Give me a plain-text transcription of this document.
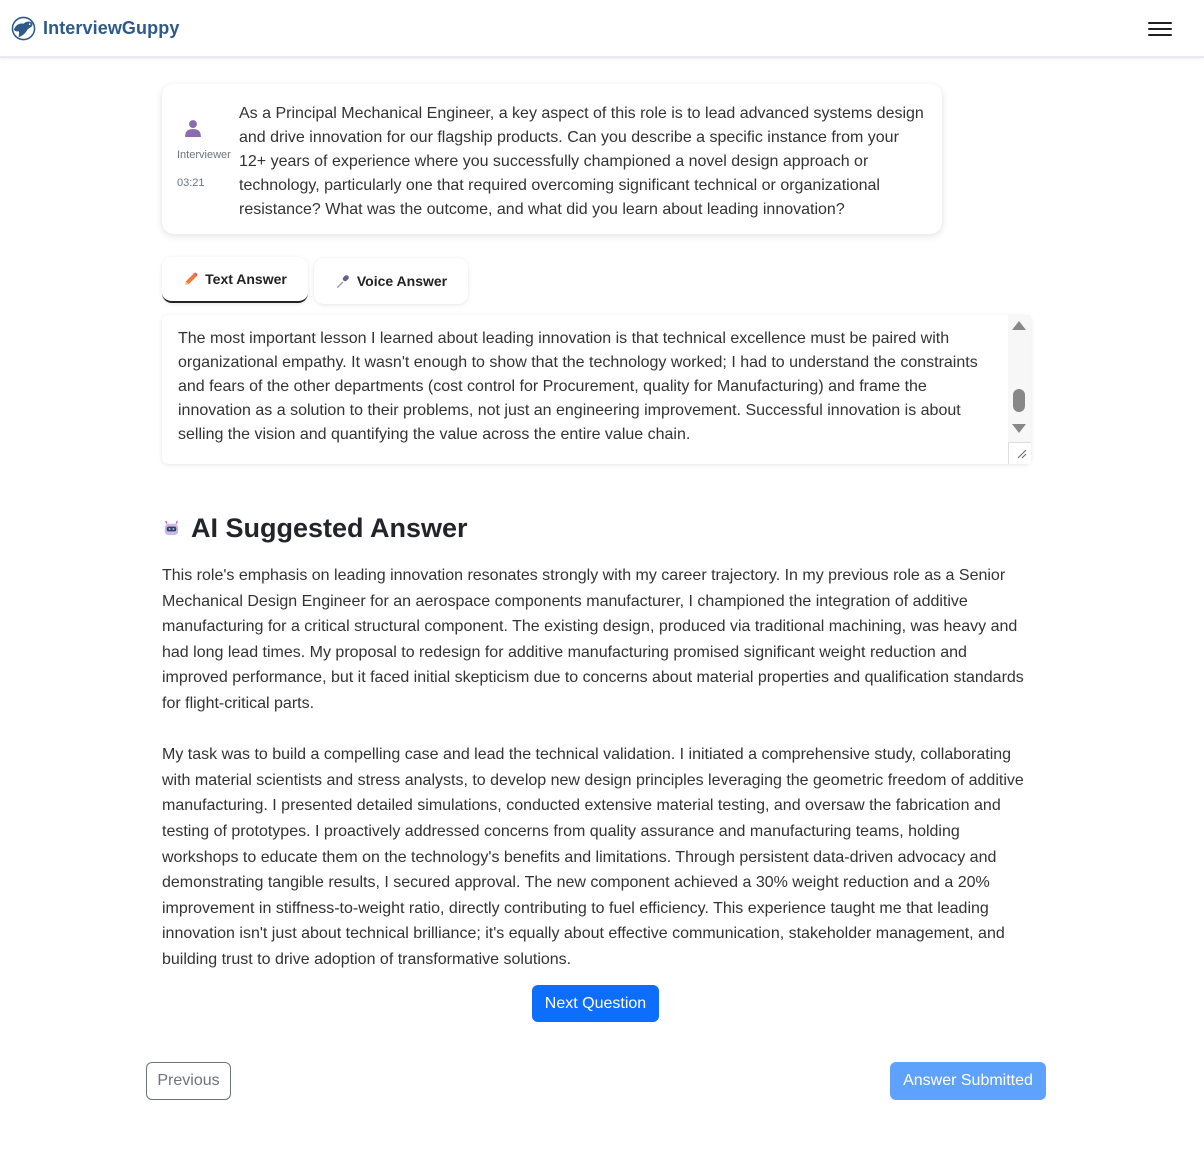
InterviewGuppy
Interviewer
03:21
As a Principal Mechanical Engineer, a key aspect of this role is to lead advanced systems design and drive innovation for our flagship products. Can you describe a specific instance from your 12+ years of experience where you successfully championed a novel design approach or technology, particularly one that required overcoming significant technical or organizational resistance? What was the outcome, and what did you learn about leading innovation?
Text Answer	Voice Answer
The most important lesson I learned about leading innovation is that technical excellence must be paired with organizational empathy. It wasn't enough to show that the technology worked; I had to understand the constraints and fears of the other departments (cost control for Procurement, quality for Manufacturing) and frame the innovation as a solution to their problems, not just an engineering improvement. Successful innovation is about selling the vision and quantifying the value across the entire value chain.
AI Suggested Answer

This role's emphasis on leading innovation resonates strongly with my career trajectory. In my previous role as a Senior Mechanical Design Engineer for an aerospace components manufacturer, I championed the integration of additive manufacturing for a critical structural component. The existing design, produced via traditional machining, was heavy and had long lead times. My proposal to redesign for additive manufacturing promised significant weight reduction and improved performance, but it faced initial skepticism due to concerns about material properties and qualification standards for flight-critical parts.

My task was to build a compelling case and lead the technical validation. I initiated a comprehensive study, collaborating with material scientists and stress analysts, to develop new design principles leveraging the geometric freedom of additive manufacturing. I presented detailed simulations, conducted extensive material testing, and oversaw the fabrication and testing of prototypes. I proactively addressed concerns from quality assurance and manufacturing teams, holding workshops to educate them on the technology's benefits and limitations. Through persistent data-driven advocacy and demonstrating tangible results, I secured approval. The new component achieved a 30% weight reduction and a 20% improvement in stiffness-to-weight ratio, directly contributing to fuel efficiency. This experience taught me that leading innovation isn't just about technical brilliance; it's equally about effective communication, stakeholder management, and building trust to drive adoption of transformative solutions.

Next Question
Previous	Answer Submitted
